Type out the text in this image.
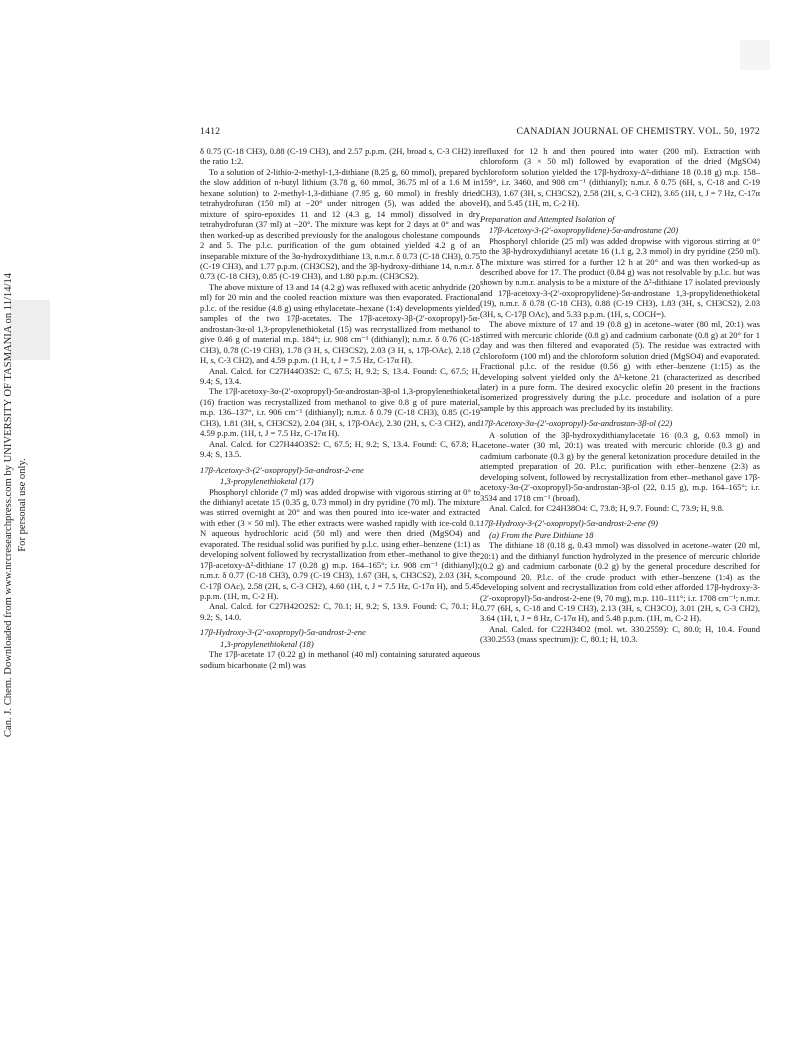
1412	CANADIAN JOURNAL OF CHEMISTRY. VOL. 50, 1972
Can. J. Chem. Downloaded from www.nrcresearchpress.com by UNIVERSITY OF TASMANIA on 11/14/14 For personal use only.

δ 0.75 (C-18 CH3), 0.88 (C-19 CH3), and 2.57 p.p.m. (2H, broad s, C-3 CH2) in the ratio 1:2.

To a solution of 2-lithio-2-methyl-1,3-dithiane (8.25 g, 60 mmol), prepared by the slow addition of n-butyl lithium (3.78 g, 60 mmol, 36.75 ml of a 1.6 M in hexane solution) to 2-methyl-1,3-dithiane (7.95 g, 60 mmol) in freshly dried tetrahydrofuran (150 ml) at −20° under nitrogen (5), was added the above mixture of spiro-epoxides 11 and 12 (4.3 g, 14 mmol) dissolved in dry tetrahydrofuran (37 ml) at −20°. The mixture was kept for 2 days at 0° and was then worked-up as described previously for the analogous cholestane compounds 2 and 5. The p.l.c. purification of the gum obtained yielded 4.2 g of an inseparable mixture of the 3α-hydroxydithiane 13, n.m.r. δ 0.73 (C-18 CH3), 0.75 (C-19 CH3), and 1.77 p.p.m. (CH3CS2), and the 3β-hydroxy-dithiane 14, n.m.r. δ 0.73 (C-18 CH3), 0.85 (C-19 CH3), and 1.80 p.p.m. (CH3CS2).

The above mixture of 13 and 14 (4.2 g) was refluxed with acetic anhydride (20 ml) for 20 min and the cooled reaction mixture was then evaporated. Fractional p.l.c. of the residue (4.8 g) using ethylacetate–hexane (1:4) developments yielded samples of the two 17β-acetates. The 17β-acetoxy-3β-(2′-oxopropyl)-5α-androstan-3α-ol 1,3-propylenethioketal (15) was recrystallized from methanol to give 0.46 g of material m.p. 184°; i.r. 908 cm⁻¹ (dithianyl); n.m.r. δ 0.76 (C-18 CH3), 0.78 (C-19 CH3), 1.78 (3 H, s, CH3CS2), 2.03 (3 H, s, 17β-OAc), 2.18 (2 H, s, C-3 CH2), and 4.59 p.p.m. (1 H, t, J = 7.5 Hz, C-17α H).

Anal. Calcd. for C27H44O3S2: C, 67.5; H, 9.2; S, 13.4. Found: C, 67.5; H, 9.4; S, 13.4.

The 17β-acetoxy-3α-(2′-oxopropyl)-5α-androstan-3β-ol 1,3-propylenethioketal (16) fraction was recrystallized from methanol to give 0.8 g of pure material, m.p. 136–137°, i.r. 906 cm⁻¹ (dithianyl); n.m.r. δ 0.79 (C-18 CH3), 0.85 (C-19 CH3), 1.81 (3H, s, CH3CS2), 2.04 (3H, s, 17β-OAc), 2.30 (2H, s, C-3 CH2), and 4.59 p.p.m. (1H, t, J = 7.5 Hz, C-17α H).

Anal. Calcd. for C27H44O3S2: C, 67.5; H, 9.2; S, 13.4. Found: C, 67.8; H, 9.4; S, 13.5.

17β-Acetoxy-3-(2′-oxopropyl)-5α-androst-2-ene
1,3-propylenethioketal (17)

Phosphoryl chloride (7 ml) was added dropwise with vigorous stirring at 0° to the dithianyl acetate 15 (0.35 g, 0.73 mmol) in dry pyridine (70 ml). The mixture was stirred overnight at 20° and was then poured into ice-water and extracted with ether (3 × 50 ml). The ether extracts were washed rapidly with ice-cold 0.1 N aqueous hydrochloric acid (50 ml) and were then dried (MgSO4) and evaporated. The residual solid was purified by p.l.c. using ether–benzene (1:1) as developing solvent followed by recrystallization from ether–methanol to give the 17β-acetoxy-Δ²-dithiane 17 (0.28 g) m.p. 164–165°; i.r. 908 cm⁻¹ (dithianyl); n.m.r. δ 0.77 (C-18 CH3), 0.79 (C-19 CH3), 1.67 (3H, s, CH3CS2), 2.03 (3H, s, C-17β OAc), 2.58 (2H, s, C-3 CH2), 4.60 (1H, t, J = 7.5 Hz, C-17α H), and 5.45 p.p.m. (1H, m, C-2 H).

Anal. Calcd. for C27H42O2S2: C, 70.1; H, 9.2; S, 13.9. Found: C, 70.1; H, 9.2; S, 14.0.

17β-Hydroxy-3-(2′-oxopropyl)-5α-androst-2-ene
1,3-propylenethioketal (18)

The 17β-acetate 17 (0.22 g) in methanol (40 ml) containing saturated aqueous sodium bicarbonate (2 ml) was

refluxed for 12 h and then poured into water (200 ml). Extraction with chloroform (3 × 50 ml) followed by evaporation of the dried (MgSO4) chloroform solution yielded the 17β-hydroxy-Δ²-dithiane 18 (0.18 g) m.p. 158–159°, i.r. 3460, and 908 cm⁻¹ (dithianyl); n.m.r. δ 0.75 (6H, s, C-18 and C-19 CH3), 1.67 (3H, s, CH3CS2), 2.58 (2H, s, C-3 CH2), 3.65 (1H, t, J = 7 Hz, C-17α H), and 5.45 (1H, m, C-2 H).

Preparation and Attempted Isolation of
17β-Acetoxy-3-(2′-oxopropylidene)-5α-androstane (20)

Phosphoryl chloride (25 ml) was added dropwise with vigorous stirring at 0° to the 3β-hydroxydithianyl acetate 16 (1.1 g, 2.3 mmol) in dry pyridine (250 ml). The mixture was stirred for a further 12 h at 20° and was then worked-up as described above for 17. The product (0.84 g) was not resolvable by p.l.c. but was shown by n.m.r. analysis to be a mixture of the Δ²-dithiane 17 isolated previously and 17β-acetoxy-3-(2′-oxopropylidene)-5α-androstane 1,3-propylidenethioketal (19), n.m.r. δ 0.78 (C-18 CH3), 0.88 (C-19 CH3), 1.83 (3H, s, CH3CS2), 2.03 (3H, s, C-17β OAc), and 5.33 p.p.m. (1H, s, COCH=).

The above mixture of 17 and 19 (0.8 g) in acetone–water (80 ml, 20:1) was stirred with mercuric chloride (0.8 g) and cadmium carbonate (0.8 g) at 20° for 1 day and was then filtered and evaporated (5). The residue was extracted with chloroform (100 ml) and the chloroform solution dried (MgSO4) and evaporated. Fractional p.l.c. of the residue (0.56 g) with ether–benzene (1:15) as the developing solvent yielded only the Δ²-ketone 21 (characterized as described later) in a pure form. The desired exocyclic olefin 20 present in the fractions isomerized progressively during the p.l.c. procedure and isolation of a pure sample by this approach was precluded by its instability.

17β-Acetoxy-3α-(2′-oxopropyl)-5α-androstan-3β-ol (22)

A solution of the 3β-hydroxydithianylacetate 16 (0.3 g, 0.63 mmol) in acetone–water (30 ml, 20:1) was treated with mercuric chloride (0.3 g) and cadmium carbonate (0.3 g) by the general ketonization procedure detailed in the attempted preparation of 20. P.l.c. purification with ether–benzene (2:3) as developing solvent, followed by recrystallization from ether–methanol gave 17β-acetoxy-3α-(2′-oxopropyl)-5α-androstan-3β-ol (22, 0.15 g), m.p. 164–165°; i.r. 3534 and 1718 cm⁻¹ (broad).

Anal. Calcd. for C24H38O4: C, 73.8; H, 9.7. Found: C, 73.9; H, 9.8.

17β-Hydroxy-3-(2′-oxopropyl)-5α-androst-2-ene (9)
(a) From the Pure Dithiane 18

The dithiane 18 (0.18 g, 0.43 mmol) was dissolved in acetone–water (20 ml, 20:1) and the dithianyl function hydrolyzed in the presence of mercuric chloride (0.2 g) and cadmium carbonate (0.2 g) by the general procedure described for compound 20. P.l.c. of the crude product with ether–benzene (1:4) as the developing solvent and recrystallization from cold ether afforded 17β-hydroxy-3-(2′-oxopropyl)-5α-androst-2-ene (9, 70 mg), m.p. 110–111°; i.r. 1708 cm⁻¹; n.m.r. 0.77 (6H, s, C-18 and C-19 CH3), 2.13 (3H, s, CH3CO), 3.01 (2H, s, C-3 CH2), 3.64 (1H, t, J = 8 Hz, C-17α H), and 5.48 p.p.m. (1H, m, C-2 H).

Anal. Calcd. for C22H34O2 (mol. wt. 330.2559): C, 80.0; H, 10.4. Found (330.2553 (mass spectrum)): C, 80.1; H, 10.3.
